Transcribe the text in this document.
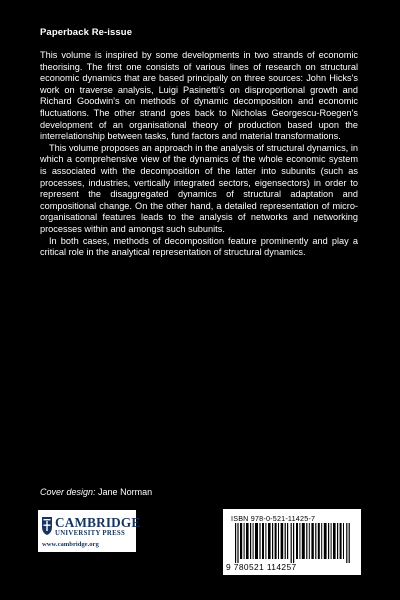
Paperback Re-issue

This volume is inspired by some developments in two strands of economic theorising. The first one consists of various lines of research on structural economic dynamics that are based principally on three sources: John Hicks's work on traverse analysis, Luigi Pasinetti's on disproportional growth and Richard Goodwin's on methods of dynamic decomposition and economic fluctuations. The other strand goes back to Nicholas Georgescu-Roegen's development of an organisational theory of production based upon the interrelationship between tasks, fund factors and material transformations.

This volume proposes an approach in the analysis of structural dynamics, in which a comprehensive view of the dynamics of the whole economic system is associated with the decomposition of the latter into subunits (such as processes, industries, vertically integrated sectors, eigensectors) in order to represent the disaggregated dynamics of structural adaptation and compositional change. On the other hand, a detailed representation of micro-organisational features leads to the analysis of networks and networking processes within and amongst such subunits.

In both cases, methods of decomposition feature prominently and play a critical role in the analytical representation of structural dynamics.

Cover design: Jane Norman
CAMBRIDGE
UNIVERSITY PRESS
www.cambridge.org
ISBN 978-0-521-11425-7
9 780521 114257
